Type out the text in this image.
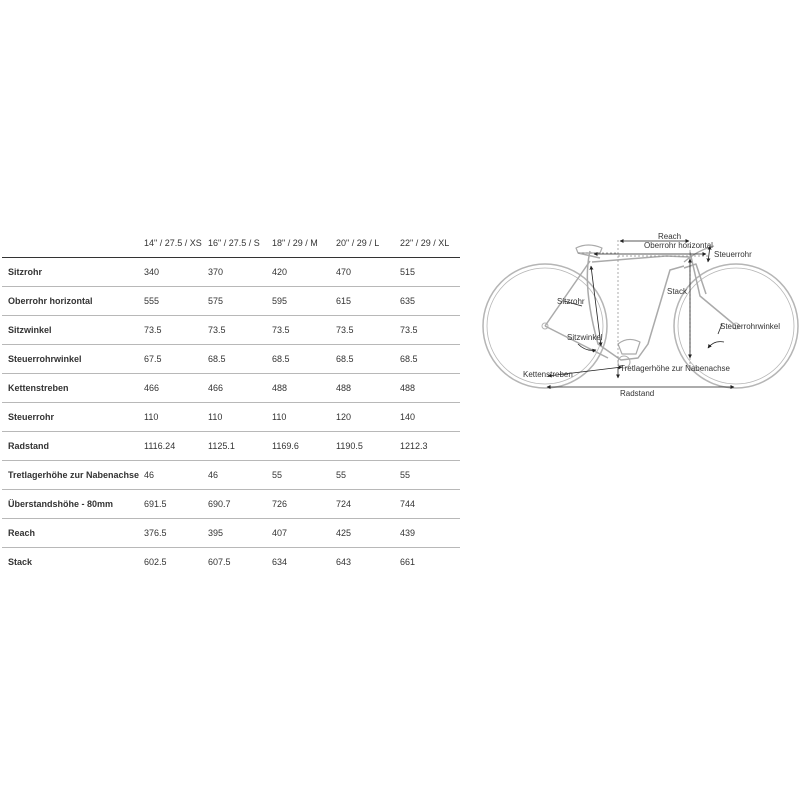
	14" / 27.5 / XS	16" / 27.5 / S	18" / 29 / M	20" / 29 / L	22" / 29 / XL
Sitzrohr	340	370	420	470	515
Oberrohr horizontal	555	575	595	615	635
Sitzwinkel	73.5	73.5	73.5	73.5	73.5
Steuerrohrwinkel	67.5	68.5	68.5	68.5	68.5
Kettenstreben	466	466	488	488	488
Steuerrohr	110	110	110	120	140
Radstand	1116.24	1125.1	1169.6	1190.5	1212.3
Tretlagerhöhe zur Nabenachse	46	46	55	55	55
Überstandshöhe - 80mm	691.5	690.7	726	724	744
Reach	376.5	395	407	425	439
Stack	602.5	607.5	634	643	661
Reach
Oberrohr horizontal
Steuerrohr
Stack
Sitzrohr
Sitzwinkel
Steuerrohrwinkel
Kettenstreben
Tretlagerhöhe zur Nabenachse
Radstand
